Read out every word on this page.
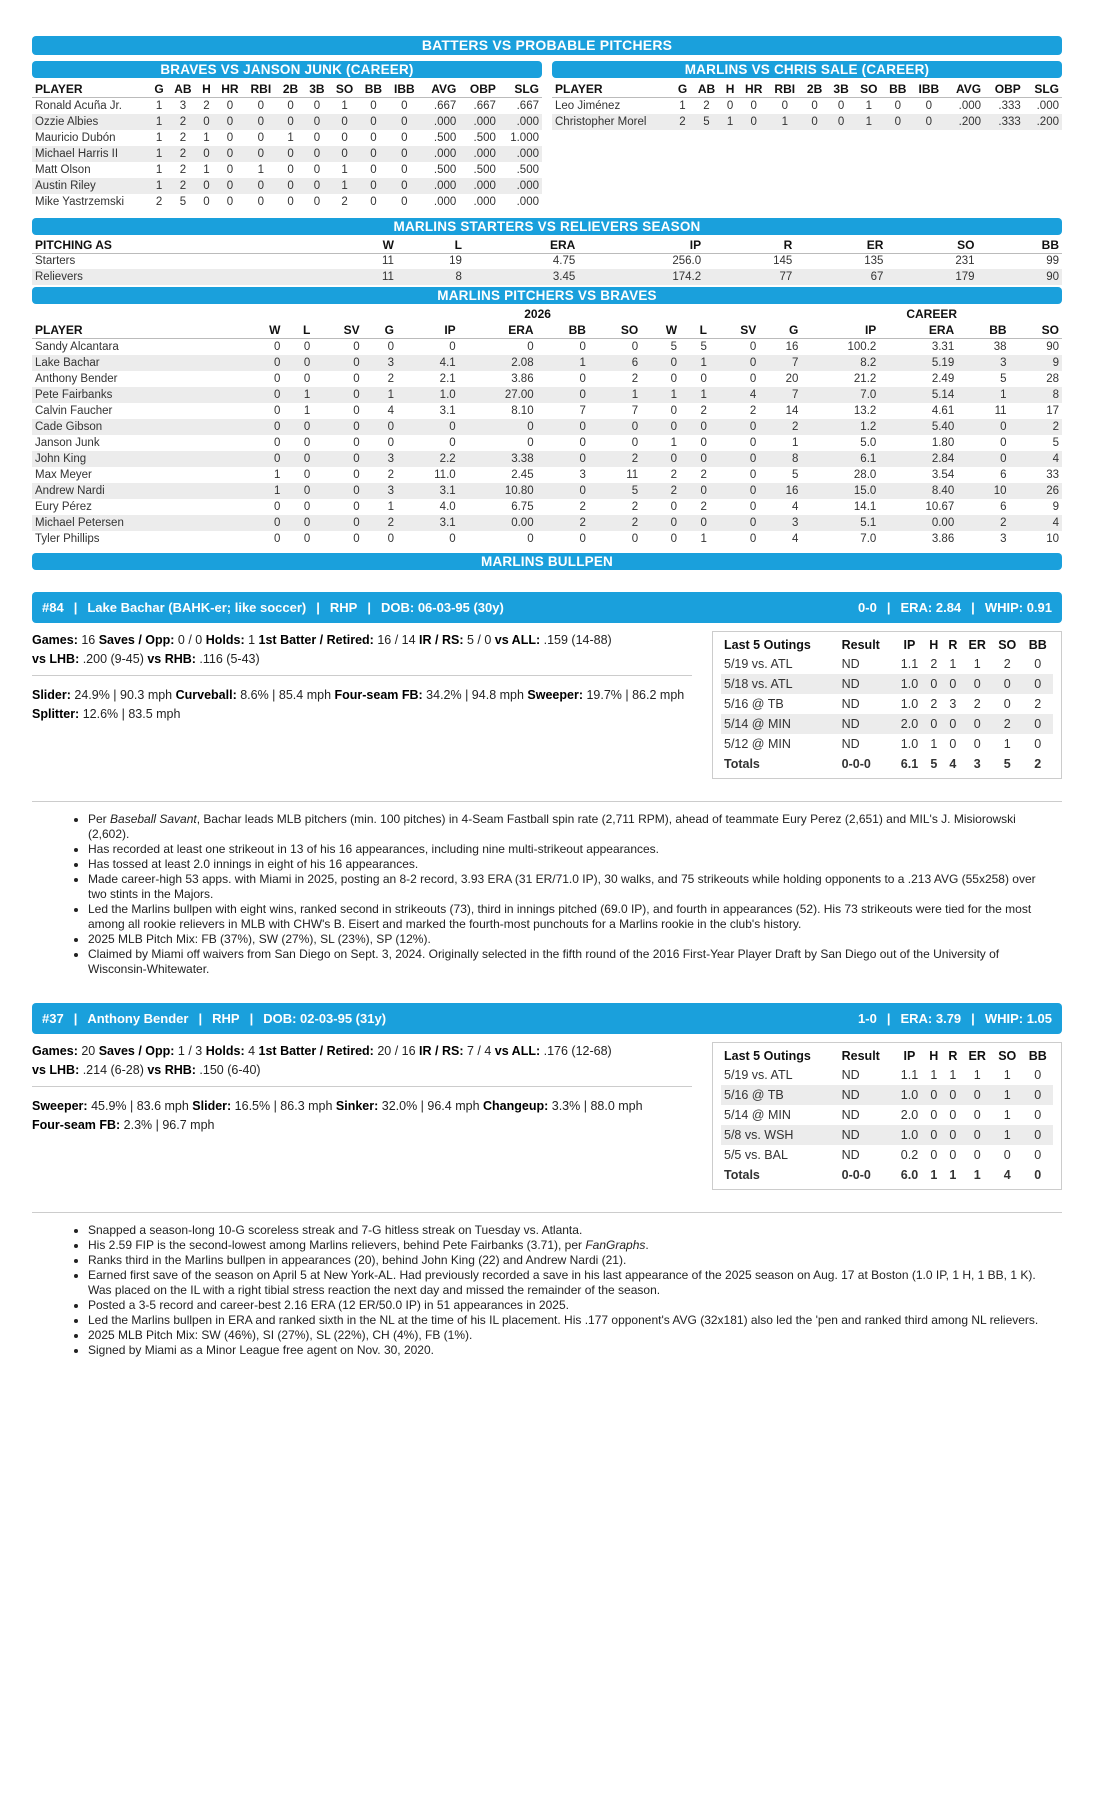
BATTERS VS PROBABLE PITCHERS
BRAVES VS JANSON JUNK (CAREER)
PLAYER	G	AB	H	HR	RBI	2B	3B	SO	BB	IBB	AVG	OBP	SLG
Ronald Acuña Jr.	1	3	2	0	0	0	0	1	0	0	.667	.667	.667
Ozzie Albies	1	2	0	0	0	0	0	0	0	0	.000	.000	.000
Mauricio Dubón	1	2	1	0	0	1	0	0	0	0	.500	.500	1.000
Michael Harris II	1	2	0	0	0	0	0	0	0	0	.000	.000	.000
Matt Olson	1	2	1	0	1	0	0	1	0	0	.500	.500	.500
Austin Riley	1	2	0	0	0	0	0	1	0	0	.000	.000	.000
Mike Yastrzemski	2	5	0	0	0	0	0	2	0	0	.000	.000	.000
MARLINS VS CHRIS SALE (CAREER)
PLAYER	G	AB	H	HR	RBI	2B	3B	SO	BB	IBB	AVG	OBP	SLG
Leo Jiménez	1	2	0	0	0	0	0	1	0	0	.000	.333	.000
Christopher Morel	2	5	1	0	1	0	0	1	0	0	.200	.333	.200
MARLINS STARTERS VS RELIEVERS SEASON
PITCHING AS	W	L	ERA	IP	R	ER	SO	BB
Starters	11	19	4.75	256.0	145	135	231	99
Relievers	11	8	3.45	174.2	77	67	179	90
MARLINS PITCHERS VS BRAVES
					2026								CAREER			
PLAYER	W	L	SV	G	IP	ERA	BB	SO	W	L	SV	G	IP	ERA	BB	SO
Sandy Alcantara	0	0	0	0	0	0	0	0	5	5	0	16	100.2	3.31	38	90
Lake Bachar	0	0	0	3	4.1	2.08	1	6	0	1	0	7	8.2	5.19	3	9
Anthony Bender	0	0	0	2	2.1	3.86	0	2	0	0	0	20	21.2	2.49	5	28
Pete Fairbanks	0	1	0	1	1.0	27.00	0	1	1	1	4	7	7.0	5.14	1	8
Calvin Faucher	0	1	0	4	3.1	8.10	7	7	0	2	2	14	13.2	4.61	11	17
Cade Gibson	0	0	0	0	0	0	0	0	0	0	0	2	1.2	5.40	0	2
Janson Junk	0	0	0	0	0	0	0	0	1	0	0	1	5.0	1.80	0	5
John King	0	0	0	3	2.2	3.38	0	2	0	0	0	8	6.1	2.84	0	4
Max Meyer	1	0	0	2	11.0	2.45	3	11	2	2	0	5	28.0	3.54	6	33
Andrew Nardi	1	0	0	3	3.1	10.80	0	5	2	0	0	16	15.0	8.40	10	26
Eury Pérez	0	0	0	1	4.0	6.75	2	2	0	2	0	4	14.1	10.67	6	9
Michael Petersen	0	0	0	2	3.1	0.00	2	2	0	0	0	3	5.1	0.00	2	4
Tyler Phillips	0	0	0	0	0	0	0	0	0	1	0	4	7.0	3.86	3	10
MARLINS BULLPEN
#84 | Lake Bachar (BAHK-er; like soccer) | RHP | DOB: 06-03-95 (30y)	0-0 | ERA: 2.84 | WHIP: 0.91
Games: 16 Saves / Opp: 0 / 0 Holds: 1 1st Batter / Retired: 16 / 14 IR / RS: 5 / 0 vs ALL: .159 (14-88)
vs LHB: .200 (9-45) vs RHB: .116 (5-43)
Slider: 24.9% | 90.3 mph Curveball: 8.6% | 85.4 mph Four-seam FB: 34.2% | 94.8 mph Sweeper: 19.7% | 86.2 mph
Splitter: 12.6% | 83.5 mph
Last 5 Outings	Result	IP	H	R	ER	SO	BB
5/19 vs. ATL	ND	1.1	2	1	1	2	0
5/18 vs. ATL	ND	1.0	0	0	0	0	0
5/16 @ TB	ND	1.0	2	3	2	0	2
5/14 @ MIN	ND	2.0	0	0	0	2	0
5/12 @ MIN	ND	1.0	1	0	0	1	0
Totals	0-0-0	6.1	5	4	3	5	2
• Per Baseball Savant, Bachar leads MLB pitchers (min. 100 pitches) in 4-Seam Fastball spin rate (2,711 RPM), ahead of teammate Eury Perez (2,651) and MIL's J. Misiorowski (2,602).
• Has recorded at least one strikeout in 13 of his 16 appearances, including nine multi-strikeout appearances.
• Has tossed at least 2.0 innings in eight of his 16 appearances.
• Made career-high 53 apps. with Miami in 2025, posting an 8-2 record, 3.93 ERA (31 ER/71.0 IP), 30 walks, and 75 strikeouts while holding opponents to a .213 AVG (55x258) over two stints in the Majors.
• Led the Marlins bullpen with eight wins, ranked second in strikeouts (73), third in innings pitched (69.0 IP), and fourth in appearances (52). His 73 strikeouts were tied for the most among all rookie relievers in MLB with CHW's B. Eisert and marked the fourth-most punchouts for a Marlins rookie in the club's history.
• 2025 MLB Pitch Mix: FB (37%), SW (27%), SL (23%), SP (12%).
• Claimed by Miami off waivers from San Diego on Sept. 3, 2024. Originally selected in the fifth round of the 2016 First-Year Player Draft by San Diego out of the University of Wisconsin-Whitewater.
#37 | Anthony Bender | RHP | DOB: 02-03-95 (31y)	1-0 | ERA: 3.79 | WHIP: 1.05
Games: 20 Saves / Opp: 1 / 3 Holds: 4 1st Batter / Retired: 20 / 16 IR / RS: 7 / 4 vs ALL: .176 (12-68)
vs LHB: .214 (6-28) vs RHB: .150 (6-40)
Sweeper: 45.9% | 83.6 mph Slider: 16.5% | 86.3 mph Sinker: 32.0% | 96.4 mph Changeup: 3.3% | 88.0 mph
Four-seam FB: 2.3% | 96.7 mph
Last 5 Outings	Result	IP	H	R	ER	SO	BB
5/19 vs. ATL	ND	1.1	1	1	1	1	0
5/16 @ TB	ND	1.0	0	0	0	1	0
5/14 @ MIN	ND	2.0	0	0	0	1	0
5/8 vs. WSH	ND	1.0	0	0	0	1	0
5/5 vs. BAL	ND	0.2	0	0	0	0	0
Totals	0-0-0	6.0	1	1	1	4	0
• Snapped a season-long 10-G scoreless streak and 7-G hitless streak on Tuesday vs. Atlanta.
• His 2.59 FIP is the second-lowest among Marlins relievers, behind Pete Fairbanks (3.71), per FanGraphs.
• Ranks third in the Marlins bullpen in appearances (20), behind John King (22) and Andrew Nardi (21).
• Earned first save of the season on April 5 at New York-AL. Had previously recorded a save in his last appearance of the 2025 season on Aug. 17 at Boston (1.0 IP, 1 H, 1 BB, 1 K). Was placed on the IL with a right tibial stress reaction the next day and missed the remainder of the season.
• Posted a 3-5 record and career-best 2.16 ERA (12 ER/50.0 IP) in 51 appearances in 2025.
• Led the Marlins bullpen in ERA and ranked sixth in the NL at the time of his IL placement. His .177 opponent's AVG (32x181) also led the 'pen and ranked third among NL relievers.
• 2025 MLB Pitch Mix: SW (46%), SI (27%), SL (22%), CH (4%), FB (1%).
• Signed by Miami as a Minor League free agent on Nov. 30, 2020.
